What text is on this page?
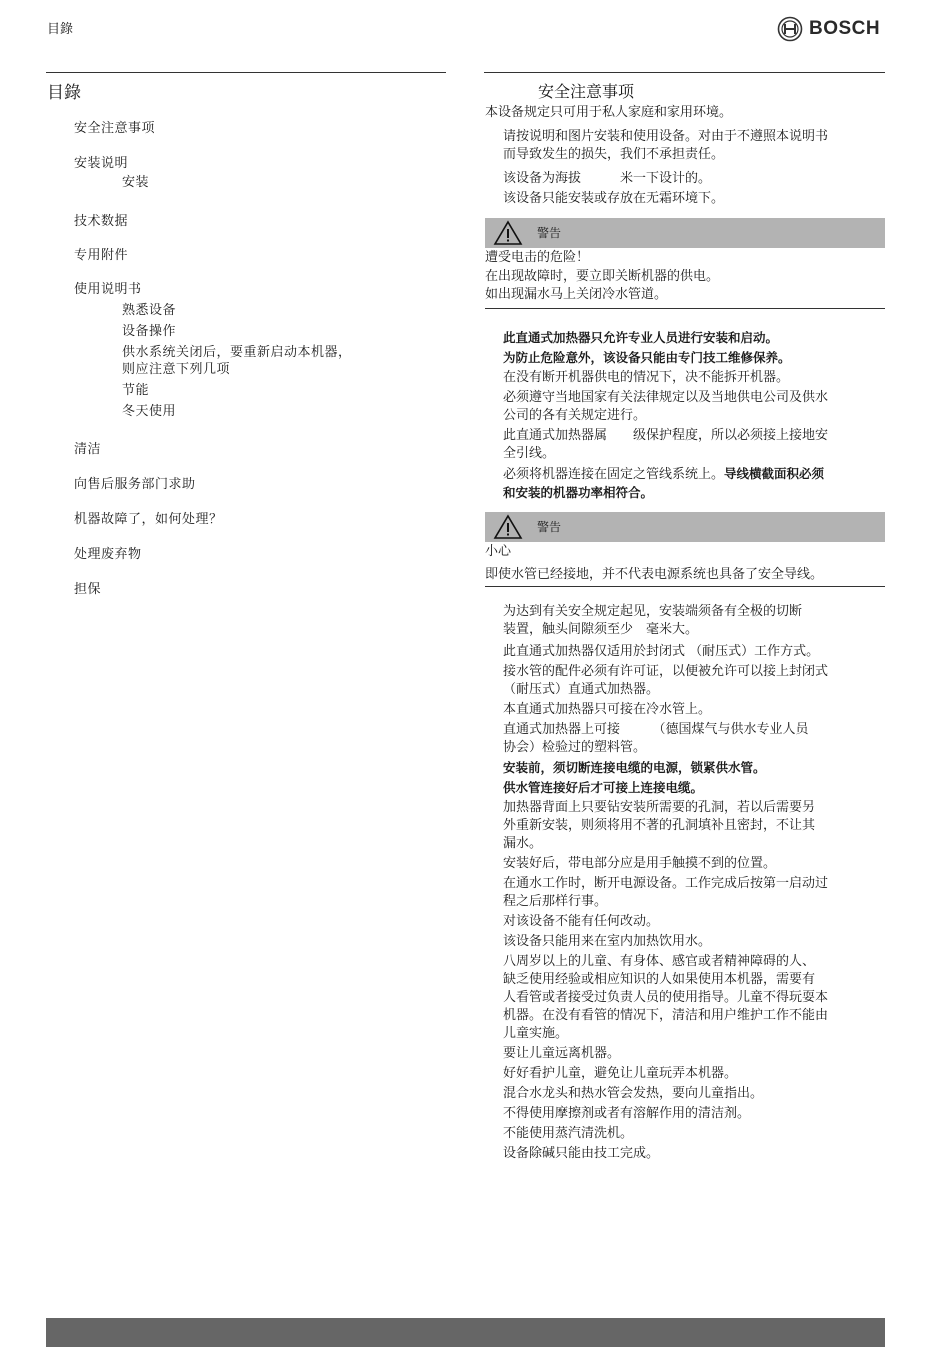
目錄	BOSCH
目錄
安全注意事项
安装说明
安装
技术数据
专用附件
使用说明书
熟悉设备
设备操作
供水系统关闭后，要重新启动本机器，
则应注意下列几项
节能
冬天使用
清洁
向售后服务部门求助
机器故障了，如何处理？
处理废弃物
担保
安全注意事项
本设备规定只可用于私人家庭和家用环境。
请按说明和图片安装和使用设备。对由于不遵照本说明书
而导致发生的损失，我们不承担责任。
该设备为海拔　　　米一下设计的。
该设备只能安装或存放在无霜环境下。
警告
遭受电击的危险！
在出现故障时，要立即关断机器的供电。
如出现漏水马上关闭冷水管道。
此直通式加热器只允许专业人员进行安装和启动。
为防止危险意外，该设备只能由专门技工维修保养。
在没有断开机器供电的情况下，决不能拆开机器。
必须遵守当地国家有关法律规定以及当地供电公司及供水
公司的各有关规定进行。
此直通式加热器属　　级保护程度，所以必须接上接地安
全引线。
必须将机器连接在固定之管线系统上。导线横截面积必须
和安装的机器功率相符合。
警告
小心
即使水管已经接地，并不代表电源系统也具备了安全导线。
为达到有关安全规定起见，安装端须备有全极的切断
装置，触头间隙须至少　毫米大。
此直通式加热器仅适用於封闭式 （耐压式）工作方式。
接水管的配件必须有许可证，以便被允许可以接上封闭式
（耐压式）直通式加热器。
本直通式加热器只可接在冷水管上。
直通式加热器上可接　　　（德国煤气与供水专业人员
协会）检验过的塑料管。
安装前，须切断连接电缆的电源，锁紧供水管。
供水管连接好后才可接上连接电缆。
加热器背面上只要钻安装所需要的孔洞，若以后需要另
外重新安装，则须将用不著的孔洞填补且密封，不让其
漏水。
安装好后，带电部分应是用手触摸不到的位置。
在通水工作时，断开电源设备。工作完成后按第一启动过
程之后那样行事。
对该设备不能有任何改动。
该设备只能用来在室内加热饮用水。
八周岁以上的儿童、有身体、感官或者精神障碍的人、
缺乏使用经验或相应知识的人如果使用本机器，需要有
人看管或者接受过负责人员的使用指导。儿童不得玩耍本
机器。在没有看管的情况下，清洁和用户维护工作不能由
儿童实施。
要让儿童远离机器。
好好看护儿童，避免让儿童玩弄本机器。
混合水龙头和热水管会发热，要向儿童指出。
不得使用摩擦剂或者有溶解作用的清洁剂。
不能使用蒸汽清洗机。
设备除碱只能由技工完成。
